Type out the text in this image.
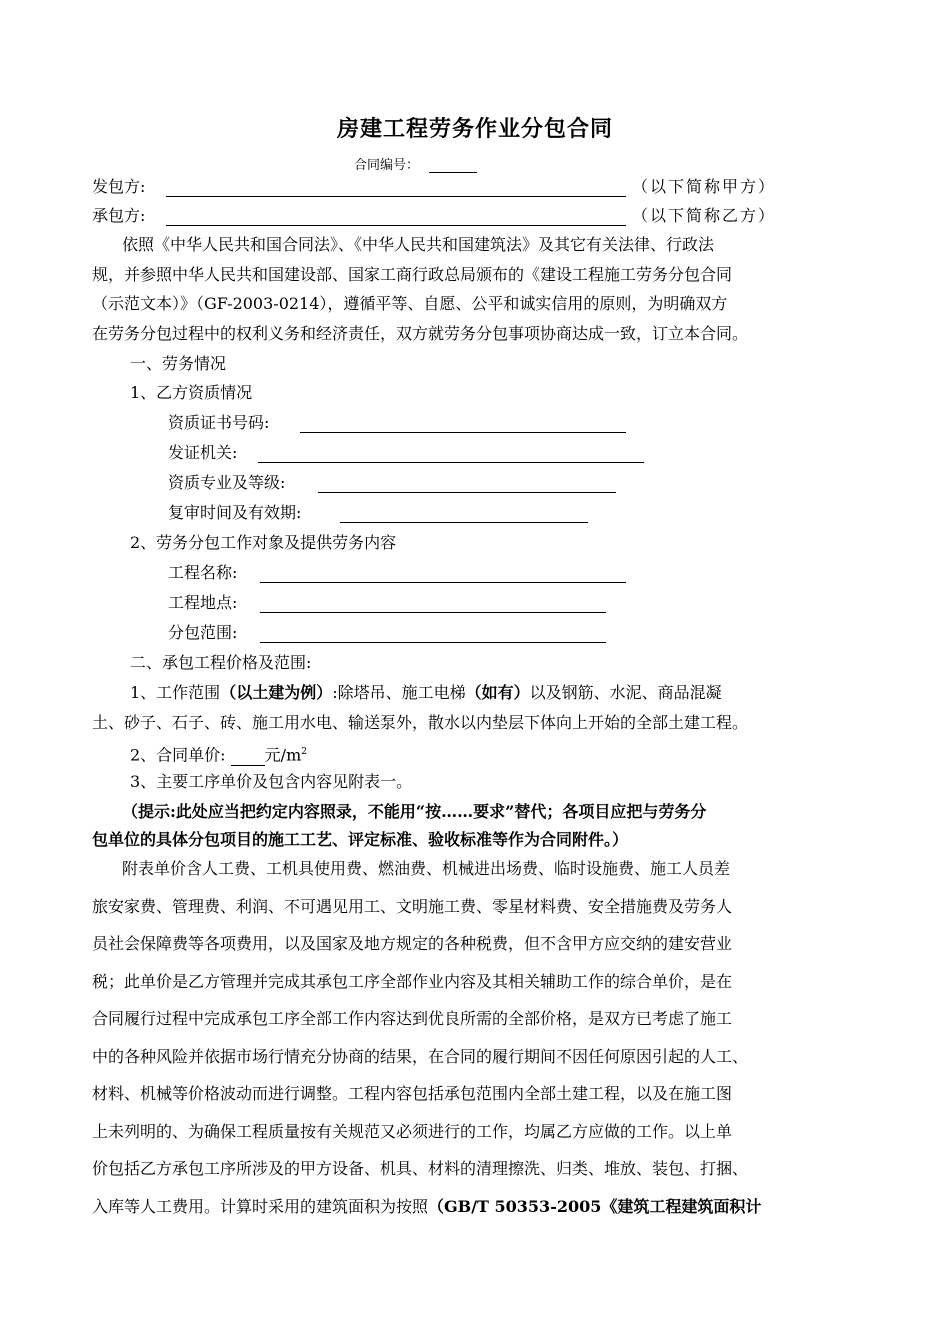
房建工程劳务作业分包合同
合同编号：
发包方:	（以下简称甲方）
承包方:	（以下简称乙方）
依照《中华人民共和国合同法》、《中华人民共和国建筑法》及其它有关法律、行政法
规，并参照中华人民共和国建设部、国家工商行政总局颁布的《建设工程施工劳务分包合同
（示范文本）》（GF-2003-0214），遵循平等、自愿、公平和诚实信用的原则，为明确双方
在劳务分包过程中的权利义务和经济责任，双方就劳务分包事项协商达成一致，订立本合同。
一、劳务情况
1、乙方资质情况
资质证书号码:
发证机关:
资质专业及等级:
复审时间及有效期:
2、劳务分包工作对象及提供劳务内容
工程名称:
工程地点:
分包范围:
二、承包工程价格及范围:
1、工作范围（以土建为例）:除塔吊、施工电梯（如有）以及钢筋、水泥、商品混凝
土、砂子、石子、砖、施工用水电、输送泵外，散水以内垫层下体向上开始的全部土建工程。
2、合同单价: 元$/m^2$
3、主要工序单价及包含内容见附表一。
（提示:此处应当把约定内容照录，不能用“按……要求”替代；各项目应把与劳务分
包单位的具体分包项目的施工工艺、评定标准、验收标准等作为合同附件。）
附表单价含人工费、工机具使用费、燃油费、机械进出场费、临时设施费、施工人员差
旅安家费、管理费、利润、不可遇见用工、文明施工费、零星材料费、安全措施费及劳务人
员社会保障费等各项费用，以及国家及地方规定的各种税费，但不含甲方应交纳的建安营业
税；此单价是乙方管理并完成其承包工序全部作业内容及其相关辅助工作的综合单价，是在
合同履行过程中完成承包工序全部工作内容达到优良所需的全部价格，是双方已考虑了施工
中的各种风险并依据市场行情充分协商的结果，在合同的履行期间不因任何原因引起的人工、
材料、机械等价格波动而进行调整。工程内容包括承包范围内全部土建工程，以及在施工图
上未列明的、为确保工程质量按有关规范又必须进行的工作，均属乙方应做的工作。以上单
价包括乙方承包工序所涉及的甲方设备、机具、材料的清理擦洗、归类、堆放、装包、打捆、
入库等人工费用。计算时采用的建筑面积为按照（GB/T 50353-2005《建筑工程建筑面积计
